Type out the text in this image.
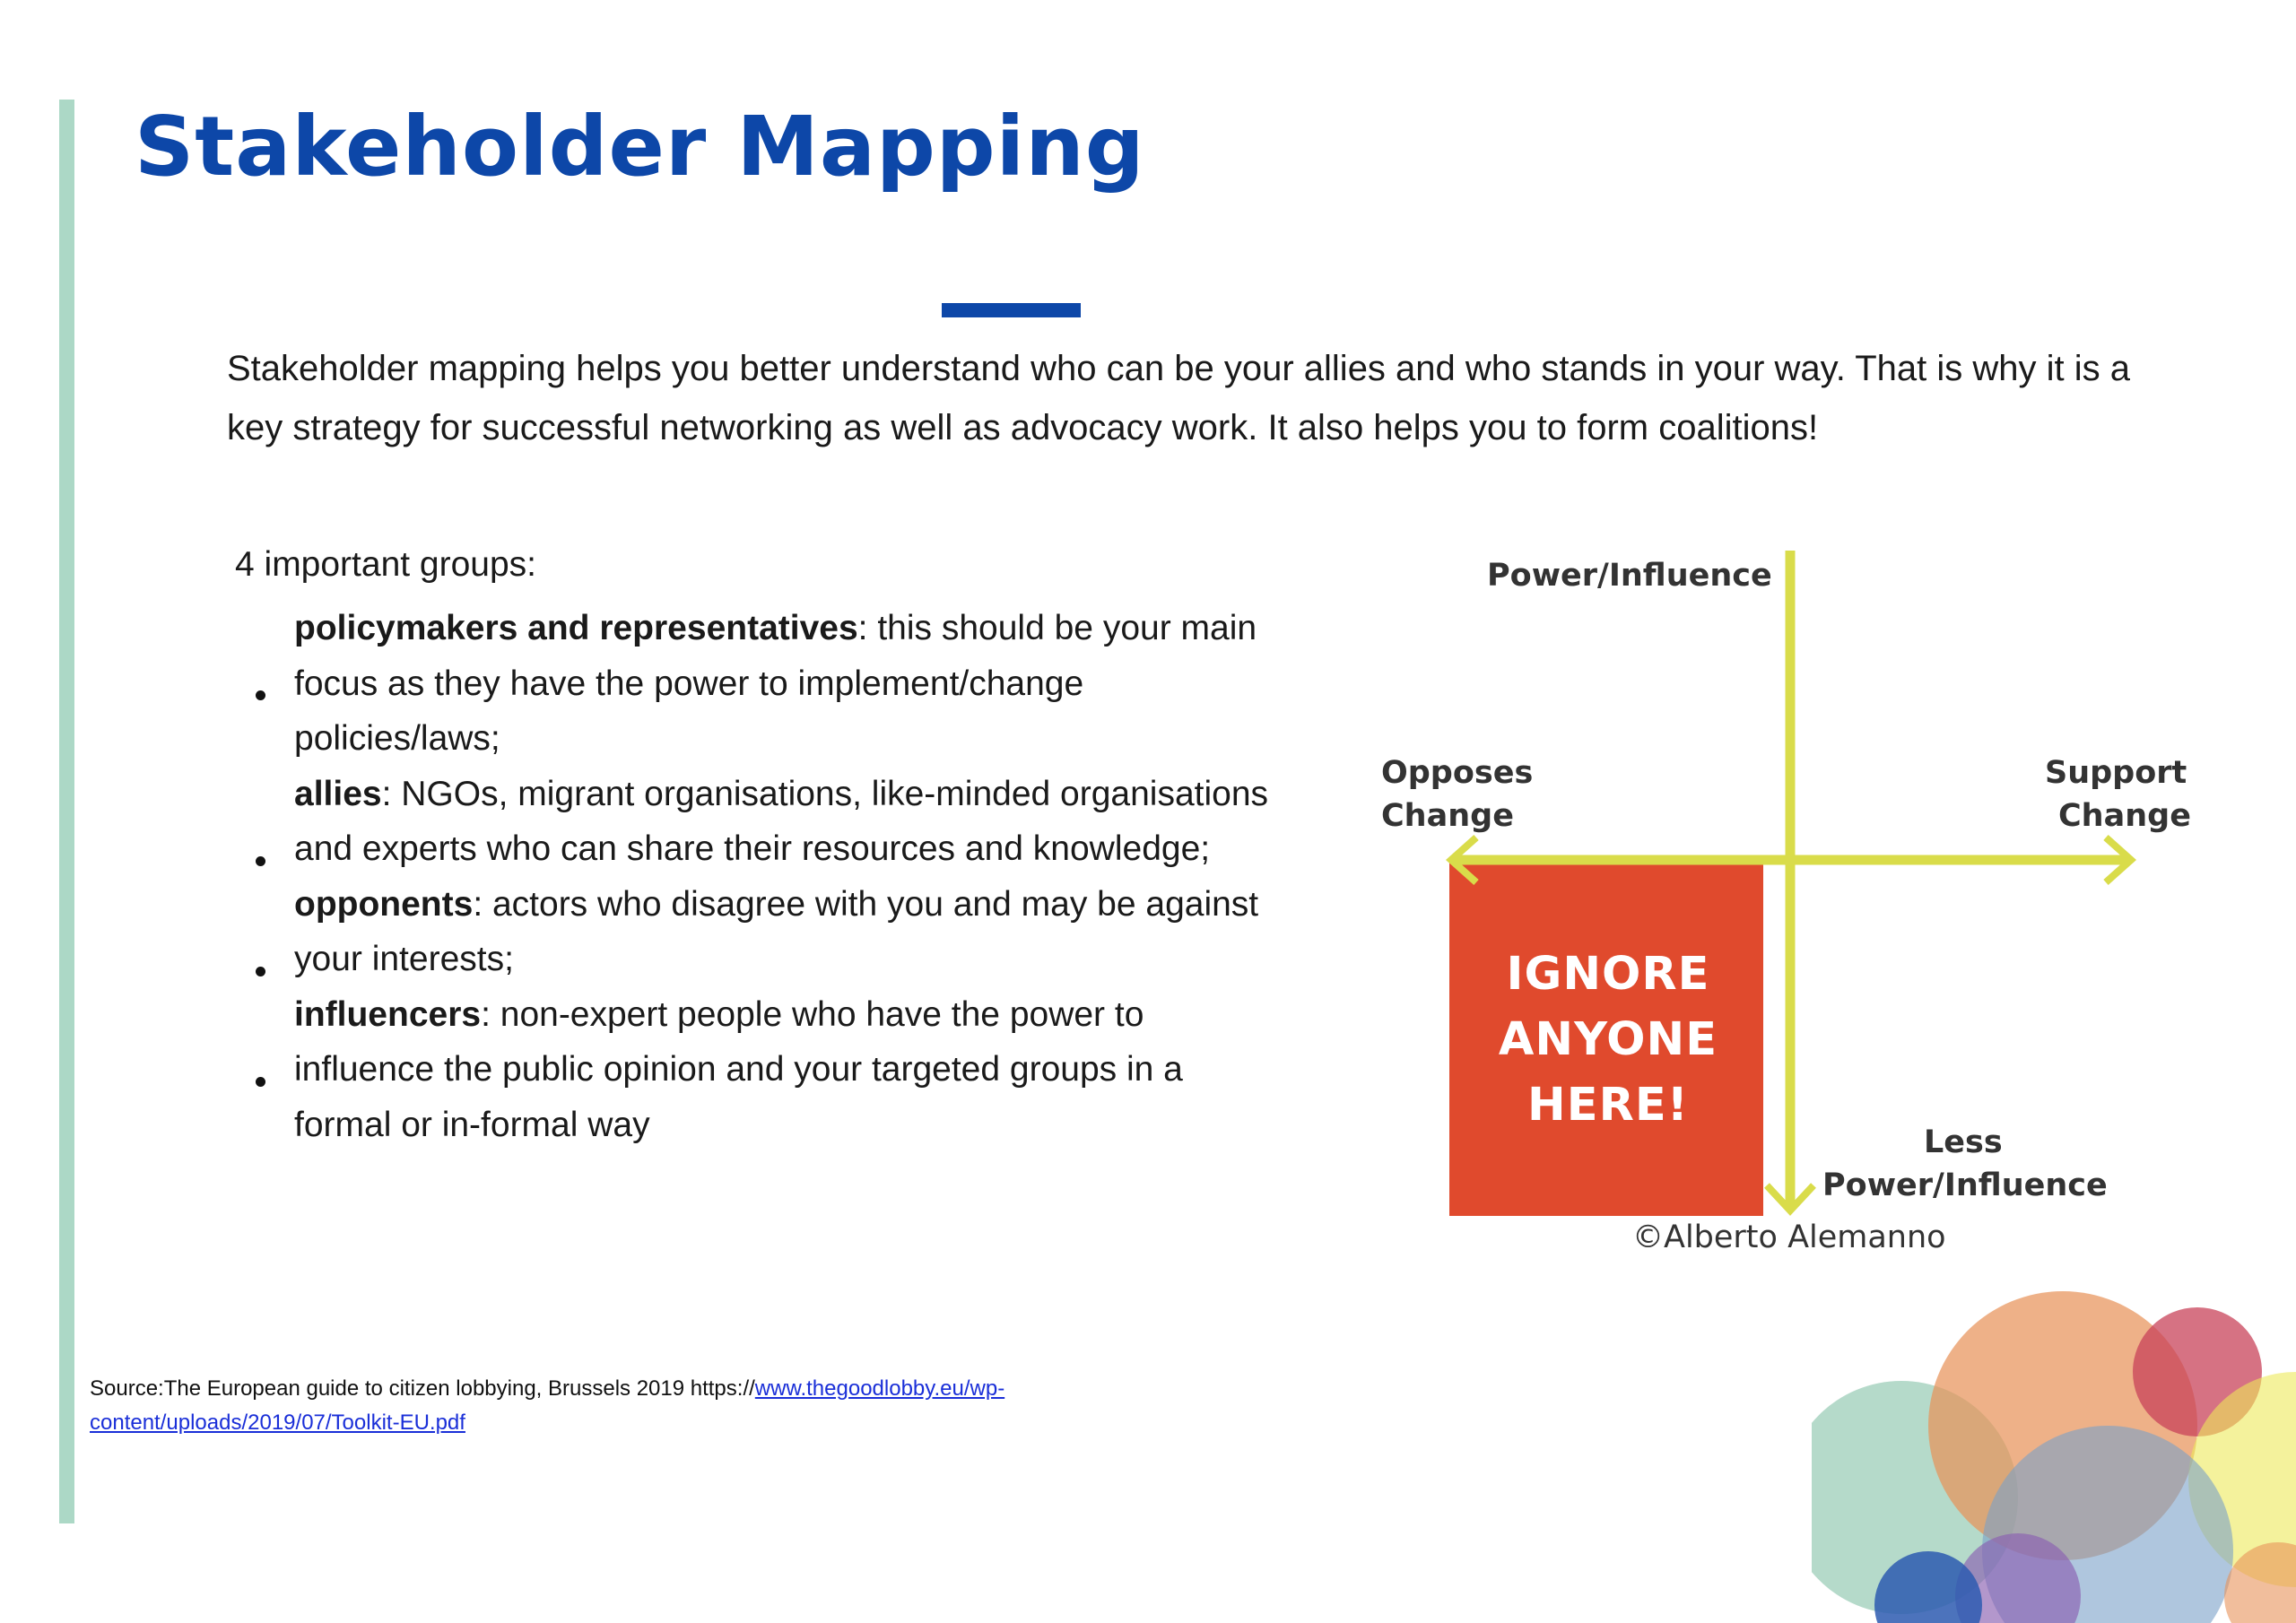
Stakeholder Mapping

Stakeholder mapping helps you better understand who can be your allies and who stands in your way. That is why it is a key strategy for successful networking as well as advocacy work. It also helps you to form coalitions!

4 important groups:

policymakers and representatives: this should be your main focus as they have the power to implement/change policies/laws;
allies: NGOs, migrant organisations, like-minded organisations and experts who can share their resources and knowledge;
opponents: actors who disagree with you and may be against your interests;
influencers: non-expert people who have the power to influence the public opinion and your targeted groups in a formal or in-formal way

Power/Influence

Opposes

Change

Support

Change

IGNORE
ANYONE
HERE!

Less

Power/Influence

©Alberto Alemanno

Source:The European guide to citizen lobbying, Brussels 2019 https://www.thegoodlobby.eu/wp-content/uploads/2019/07/Toolkit-EU.pdf
